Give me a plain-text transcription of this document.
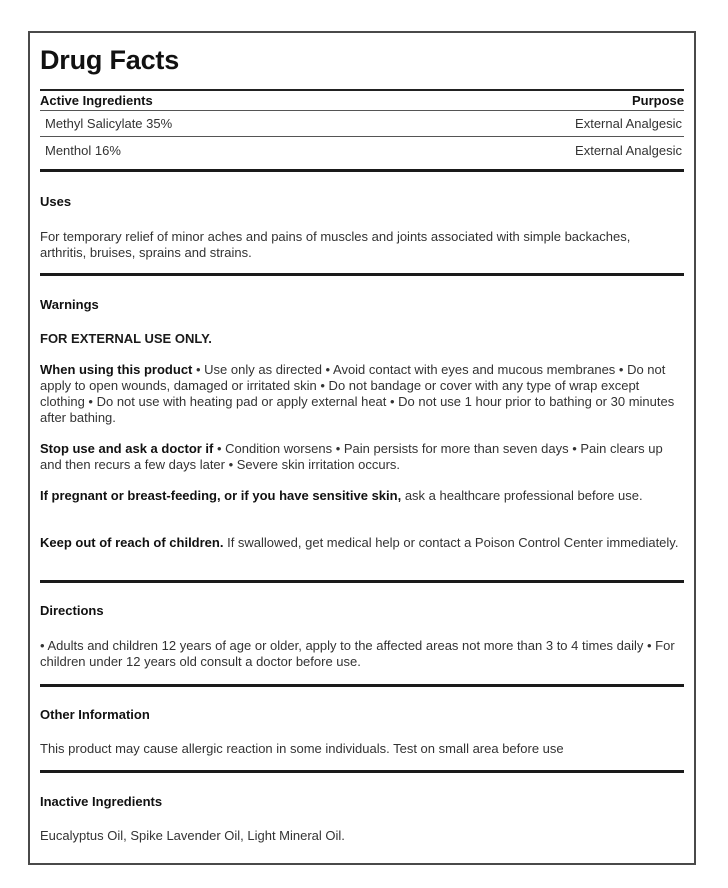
Drug Facts
Active Ingredients	Purpose
Methyl Salicylate 35%	External Analgesic
Menthol 16%	External Analgesic
Uses

For temporary relief of minor aches and pains of muscles and joints associated with simple backaches, arthritis, bruises, sprains and strains.

Warnings
FOR EXTERNAL USE ONLY.

When using this product • Use only as directed • Avoid contact with eyes and mucous membranes • Do not apply to open wounds, damaged or irritated skin • Do not bandage or cover with any type of wrap except clothing • Do not use with heating pad or apply external heat • Do not use 1 hour prior to bathing or 30 minutes after bathing.

Stop use and ask a doctor if • Condition worsens • Pain persists for more than seven days • Pain clears up and then recurs a few days later • Severe skin irritation occurs.

If pregnant or breast-feeding, or if you have sensitive skin, ask a healthcare professional before use.

Keep out of reach of children. If swallowed, get medical help or contact a Poison Control Center immediately.

Directions

• Adults and children 12 years of age or older, apply to the affected areas not more than 3 to 4 times daily • For children under 12 years old consult a doctor before use.

Other Information

This product may cause allergic reaction in some individuals. Test on small area before use

Inactive Ingredients

Eucalyptus Oil, Spike Lavender Oil, Light Mineral Oil.
